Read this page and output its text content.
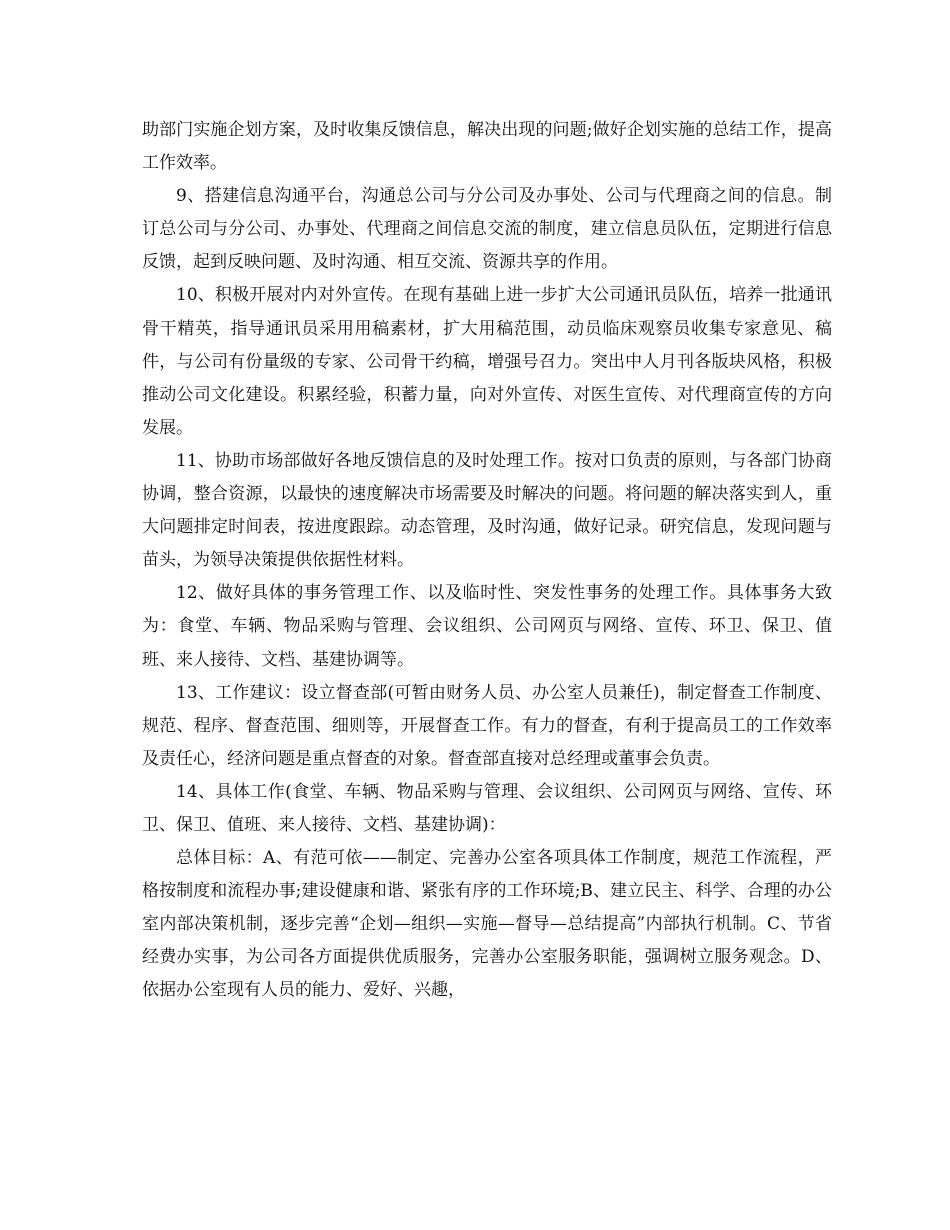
助部门实施企划方案，及时收集反馈信息，解决出现的问题;做好企划实施的总结工作，提高工作效率。

9、搭建信息沟通平台，沟通总公司与分公司及办事处、公司与代理商之间的信息。制订总公司与分公司、办事处、代理商之间信息交流的制度，建立信息员队伍，定期进行信息反馈，起到反映问题、及时沟通、相互交流、资源共享的作用。

10、积极开展对内对外宣传。在现有基础上进一步扩大公司通讯员队伍，培养一批通讯骨干精英，指导通讯员采用用稿素材，扩大用稿范围，动员临床观察员收集专家意见、稿件，与公司有份量级的专家、公司骨干约稿，增强号召力。突出中人月刊各版块风格，积极推动公司文化建设。积累经验，积蓄力量，向对外宣传、对医生宣传、对代理商宣传的方向发展。

11、协助市场部做好各地反馈信息的及时处理工作。按对口负责的原则，与各部门协商协调，整合资源，以最快的速度解决市场需要及时解决的问题。将问题的解决落实到人，重大问题排定时间表，按进度跟踪。动态管理，及时沟通，做好记录。研究信息，发现问题与苗头，为领导决策提供依据性材料。

12、做好具体的事务管理工作、以及临时性、突发性事务的处理工作。具体事务大致为：食堂、车辆、物品采购与管理、会议组织、公司网页与网络、宣传、环卫、保卫、值班、来人接待、文档、基建协调等。

13、工作建议：设立督查部(可暂由财务人员、办公室人员兼任)，制定督查工作制度、规范、程序、督查范围、细则等，开展督查工作。有力的督查，有利于提高员工的工作效率及责任心，经济问题是重点督查的对象。督查部直接对总经理或董事会负责。

14、具体工作(食堂、车辆、物品采购与管理、会议组织、公司网页与网络、宣传、环卫、保卫、值班、来人接待、文档、基建协调)：

总体目标：A、有范可依——制定、完善办公室各项具体工作制度，规范工作流程，严格按制度和流程办事;建设健康和谐、紧张有序的工作环境;B、建立民主、科学、合理的办公室内部决策机制，逐步完善“企划—组织—实施—督导—总结提高”内部执行机制。C、节省经费办实事，为公司各方面提供优质服务，完善办公室服务职能，强调树立服务观念。D、依据办公室现有人员的能力、爱好、兴趣，
